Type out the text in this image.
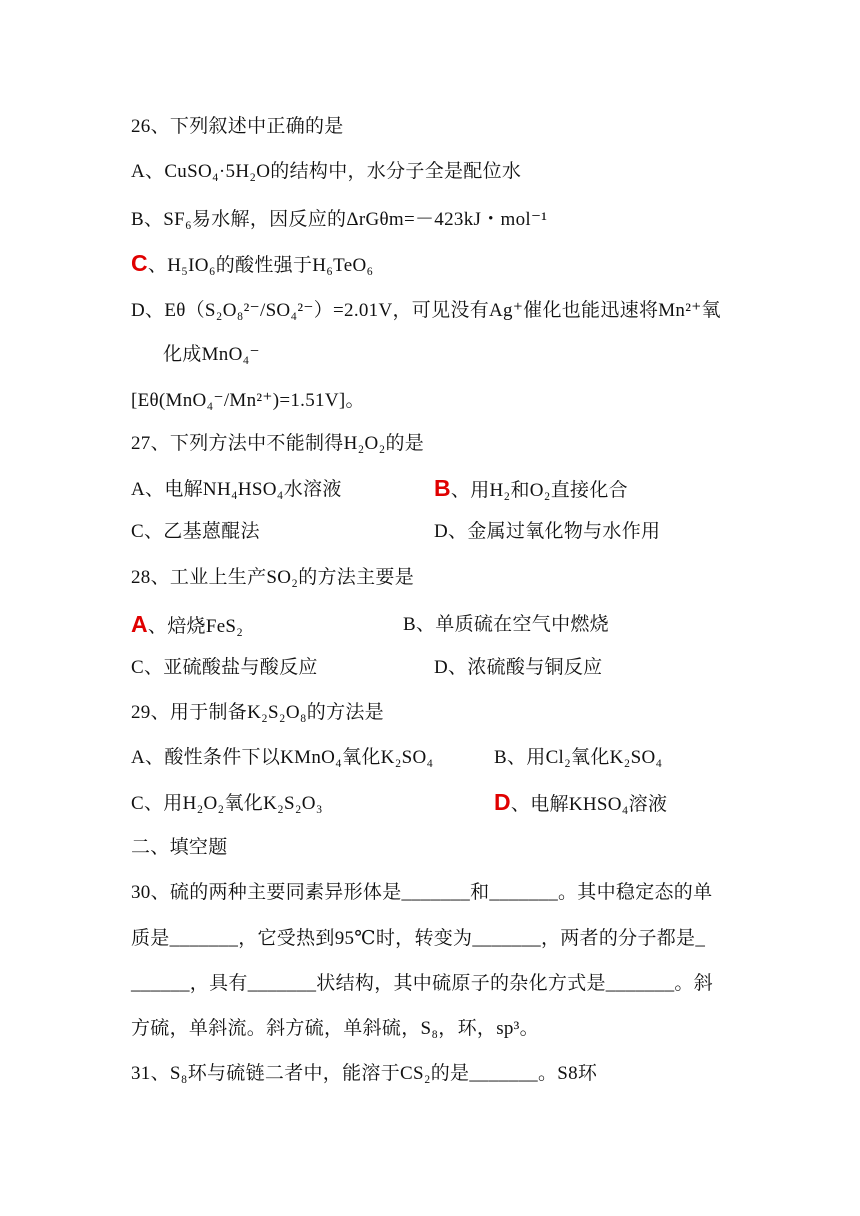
26、下列叙述中正确的是
A、CuSO₄·5H₂O的结构中，水分子全是配位水
B、SF₆易水解，因反应的ΔrGθm=－423kJ・mol⁻¹
C、H₅IO₆的酸性强于H₆TeO₆
D、Eθ（S₂O₈²⁻/SO₄²⁻）=2.01V，可见没有Ag⁺催化也能迅速将Mn²⁺氧
化成MnO₄⁻
[Eθ(MnO₄⁻/Mn²⁺)=1.51V]。
27、下列方法中不能制得H₂O₂的是
A、电解NH₄HSO₄水溶液	B、用H₂和O₂直接化合
C、乙基蒽醌法	D、金属过氧化物与水作用
28、工业上生产SO₂的方法主要是
A、焙烧FeS₂	B、单质硫在空气中燃烧
C、亚硫酸盐与酸反应	D、浓硫酸与铜反应
29、用于制备K₂S₂O₈的方法是
A、酸性条件下以KMnO₄氧化K₂SO₄	B、用Cl₂氧化K₂SO₄
C、用H₂O₂氧化K₂S₂O₃	D、电解KHSO₄溶液
二、填空题
30、硫的两种主要同素异形体是_______和_______。其中稳定态的单
质是_______，它受热到95℃时，转变为_______，两者的分子都是_
______，具有_______状结构，其中硫原子的杂化方式是_______。斜
方硫，单斜流。斜方硫，单斜硫，S₈，环，sp³。
31、S₈环与硫链二者中，能溶于CS₂的是_______。S8环
